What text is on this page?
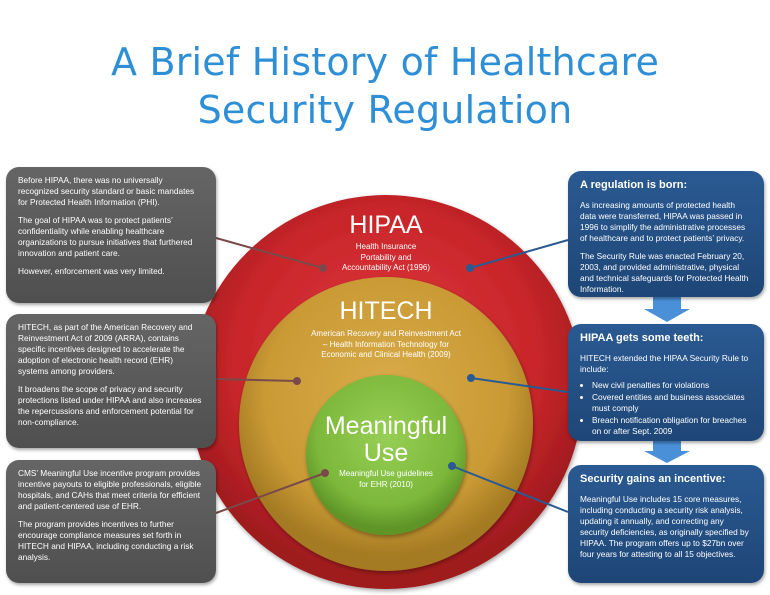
A Brief History of Healthcare
Security Regulation
HIPAA
Health Insurance Portability and Accountability Act (1996)
HITECH
American Recovery and Reinvestment Act – Health Information Technology for Economic and Clinical Health (2009)
Meaningful
Use
Meaningful Use guidelines for EHR (2010)

Before HIPAA, there was no universally recognized security standard or basic mandates for Protected Health Information (PHI).

The goal of HIPAA was to protect patients’ confidentiality while enabling healthcare organizations to pursue initiatives that furthered innovation and patient care.

However, enforcement was very limited.

HITECH, as part of the American Recovery and Reinvestment Act of 2009 (ARRA), contains specific incentives designed to accelerate the adoption of electronic health record (EHR) systems among providers.

It broadens the scope of privacy and security protections listed under HIPAA and also increases the repercussions and enforcement potential for non-compliance.

CMS’ Meaningful Use incentive program provides incentive payouts to eligible professionals, eligible hospitals, and CAHs that meet criteria for efficient and patient-centered use of EHR.

The program provides incentives to further encourage compliance measures set forth in HITECH and HIPAA, including conducting a risk analysis.

A regulation is born:

As increasing amounts of protected health data were transferred, HIPAA was passed in 1996 to simplify the administrative processes of healthcare and to protect patients’ privacy.

The Security Rule was enacted February 20, 2003, and provided administrative, physical and technical safeguards for Protected Health Information.

HIPAA gets some teeth:

HITECH extended the HIPAA Security Rule to include:

• New civil penalties for violations
• Covered entities and business associates must comply
• Breach notification obligation for breaches on or after Sept. 2009
Security gains an incentive:

Meaningful Use includes 15 core measures, including conducting a security risk analysis, updating it annually, and correcting any security deficiencies, as originally specified by HIPAA. The program offers up to $27bn over four years for attesting to all 15 objectives.
